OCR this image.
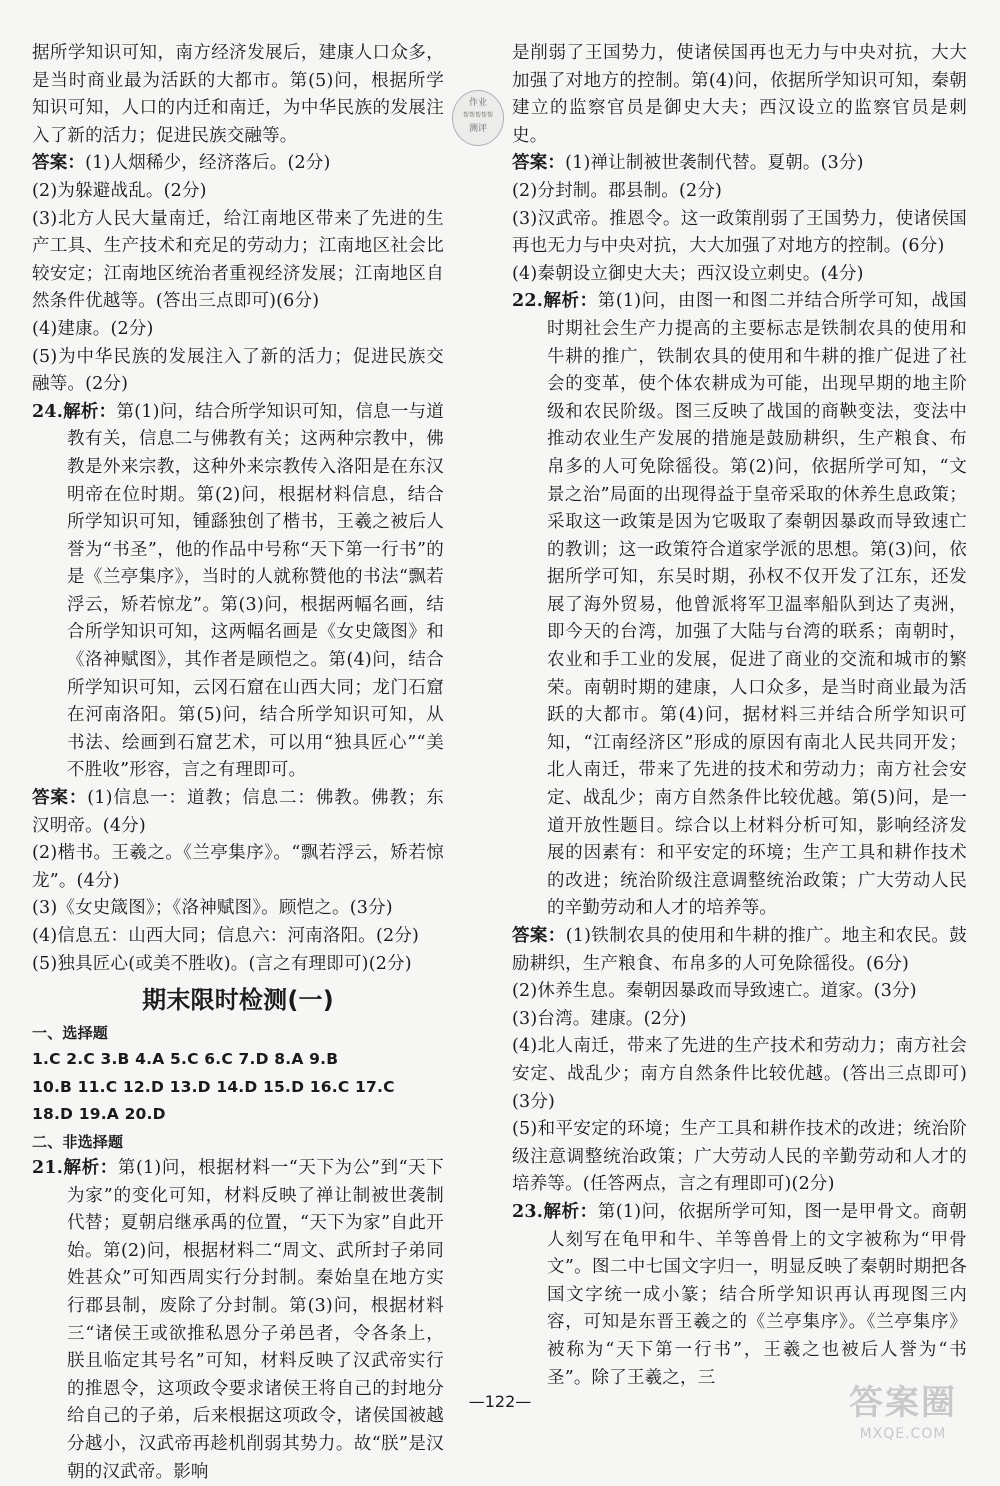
据所学知识可知，南方经济发展后，建康人口众多，是当时商业最为活跃的大都市。第(5)问，根据所学知识可知，人口的内迁和南迁，为中华民族的发展注入了新的活力；促进民族交融等。

答案：(1)人烟稀少，经济落后。(2分)

(2)为躲避战乱。(2分)

(3)北方人民大量南迁，给江南地区带来了先进的生产工具、生产技术和充足的劳动力；江南地区社会比较安定；江南地区统治者重视经济发展；江南地区自然条件优越等。(答出三点即可)(6分)

(4)建康。(2分)

(5)为中华民族的发展注入了新的活力；促进民族交融等。(2分)

24.解析：第(1)问，结合所学知识可知，信息一与道教有关，信息二与佛教有关；这两种宗教中，佛教是外来宗教，这种外来宗教传入洛阳是在东汉明帝在位时期。第(2)问，根据材料信息，结合所学知识可知，锺繇独创了楷书，王羲之被后人誉为“书圣”，他的作品中号称“天下第一行书”的是《兰亭集序》，当时的人就称赞他的书法“飘若浮云，矫若惊龙”。第(3)问，根据两幅名画，结合所学知识可知，这两幅名画是《女史箴图》和《洛神赋图》，其作者是顾恺之。第(4)问，结合所学知识可知，云冈石窟在山西大同；龙门石窟在河南洛阳。第(5)问，结合所学知识可知，从书法、绘画到石窟艺术，可以用“独具匠心”“美不胜收”形容，言之有理即可。

答案：(1)信息一：道教；信息二：佛教。佛教；东汉明帝。(4分)

(2)楷书。王羲之。《兰亭集序》。“飘若浮云，矫若惊龙”。(4分)

(3)《女史箴图》；《洛神赋图》。顾恺之。(3分)

(4)信息五：山西大同；信息六：河南洛阳。(2分)

(5)独具匠心(或美不胜收)。(言之有理即可)(2分)

期末限时检测(一)
一、选择题

1.C 2.C 3.B 4.A 5.C 6.C 7.D 8.A 9.B

10.B 11.C 12.D 13.D 14.D 15.D 16.C 17.C

18.D 19.A 20.D

二、非选择题

21.解析：第(1)问，根据材料一“天下为公”到“天下为家”的变化可知，材料反映了禅让制被世袭制代替；夏朝启继承禹的位置，“天下为家”自此开始。第(2)问，根据材料二“周文、武所封子弟同姓甚众”可知西周实行分封制。秦始皇在地方实行郡县制，废除了分封制。第(3)问，根据材料三“诸侯王或欲推私恩分子弟邑者，令各条上，朕且临定其号名”可知，材料反映了汉武帝实行的推恩令，这项政令要求诸侯王将自己的封地分给自己的子弟，后来根据这项政令，诸侯国被越分越小，汉武帝再趁机削弱其势力。故“朕”是汉朝的汉武帝。影响

作业
帮帮帮帮帮
测评

是削弱了王国势力，使诸侯国再也无力与中央对抗，大大加强了对地方的控制。第(4)问，依据所学知识可知，秦朝建立的监察官员是御史大夫；西汉设立的监察官员是刺史。

答案：(1)禅让制被世袭制代替。夏朝。(3分)

(2)分封制。郡县制。(2分)

(3)汉武帝。推恩令。这一政策削弱了王国势力，使诸侯国再也无力与中央对抗，大大加强了对地方的控制。(6分)

(4)秦朝设立御史大夫；西汉设立刺史。(4分)

22.解析：第(1)问，由图一和图二并结合所学可知，战国时期社会生产力提高的主要标志是铁制农具的使用和牛耕的推广，铁制农具的使用和牛耕的推广促进了社会的变革，使个体农耕成为可能，出现早期的地主阶级和农民阶级。图三反映了战国的商鞅变法，变法中推动农业生产发展的措施是鼓励耕织，生产粮食、布帛多的人可免除徭役。第(2)问，依据所学可知，“文景之治”局面的出现得益于皇帝采取的休养生息政策；采取这一政策是因为它吸取了秦朝因暴政而导致速亡的教训；这一政策符合道家学派的思想。第(3)问，依据所学可知，东吴时期，孙权不仅开发了江东，还发展了海外贸易，他曾派将军卫温率船队到达了夷洲，即今天的台湾，加强了大陆与台湾的联系；南朝时，农业和手工业的发展，促进了商业的交流和城市的繁荣。南朝时期的建康，人口众多，是当时商业最为活跃的大都市。第(4)问，据材料三并结合所学知识可知，“江南经济区”形成的原因有南北人民共同开发；北人南迁，带来了先进的技术和劳动力；南方社会安定、战乱少；南方自然条件比较优越。第(5)问，是一道开放性题目。综合以上材料分析可知，影响经济发展的因素有：和平安定的环境；生产工具和耕作技术的改进；统治阶级注意调整统治政策；广大劳动人民的辛勤劳动和人才的培养等。

答案：(1)铁制农具的使用和牛耕的推广。地主和农民。鼓励耕织，生产粮食、布帛多的人可免除徭役。(6分)

(2)休养生息。秦朝因暴政而导致速亡。道家。(3分)

(3)台湾。建康。(2分)

(4)北人南迁，带来了先进的生产技术和劳动力；南方社会安定、战乱少；南方自然条件比较优越。(答出三点即可)(3分)

(5)和平安定的环境；生产工具和耕作技术的改进；统治阶级注意调整统治政策；广大劳动人民的辛勤劳动和人才的培养等。(任答两点，言之有理即可)(2分)

23.解析：第(1)问，依据所学可知，图一是甲骨文。商朝人刻写在龟甲和牛、羊等兽骨上的文字被称为“甲骨文”。图二中七国文字归一，明显反映了秦朝时期把各国文字统一成小篆；结合所学知识再认再现图三内容，可知是东晋王羲之的《兰亭集序》。《兰亭集序》被称为“天下第一行书”，王羲之也被后人誉为“书圣”。除了王羲之，三

—122—	答案圈
MXQE.COM
